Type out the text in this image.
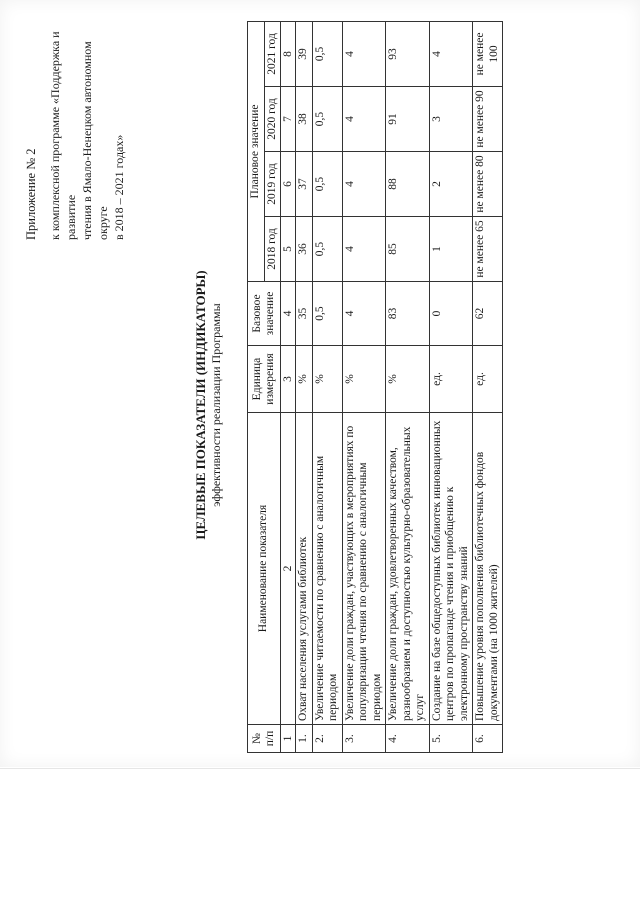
Приложение № 2 к комплексной программе «Поддержка и развитие чтения в Ямало-Ненецком автономном округе в 2018 – 2021 годах»
ЦЕЛЕВЫЕ ПОКАЗАТЕЛИ (ИНДИКАТОРЫ) эффективности реализации Программы
№ п/п	Наименование показателя	Единица измерения	Базовое значение	Плановое значение			
				2018 год	2019 год	2020 год	2021 год
1	2	3	4	5	6	7	8
1.	Охват населения услугами библиотек	%	35	36	37	38	39
2.	Увеличение читаемости по сравнению с аналогичным периодом	%	0,5	0,5	0,5	0,5	0,5
3.	Увеличение доли граждан, участвующих в мероприятиях по популяризации чтения по сравнению с аналогичным периодом	%	4	4	4	4	4
4.	Увеличение доли граждан, удовлетворенных качеством, разнообразием и доступностью культурно-образовательных услуг	%	83	85	88	91	93
5.	Создание на базе общедоступных библиотек инновационных центров по пропаганде чтения и приобщению к электронному пространству знаний	ед.	0	1	2	3	4
6.	Повышение уровня пополнения библиотечных фондов документами (на 1000 жителей)	ед.	62	не менее 65	не менее 80	не менее 90	не менее 100
